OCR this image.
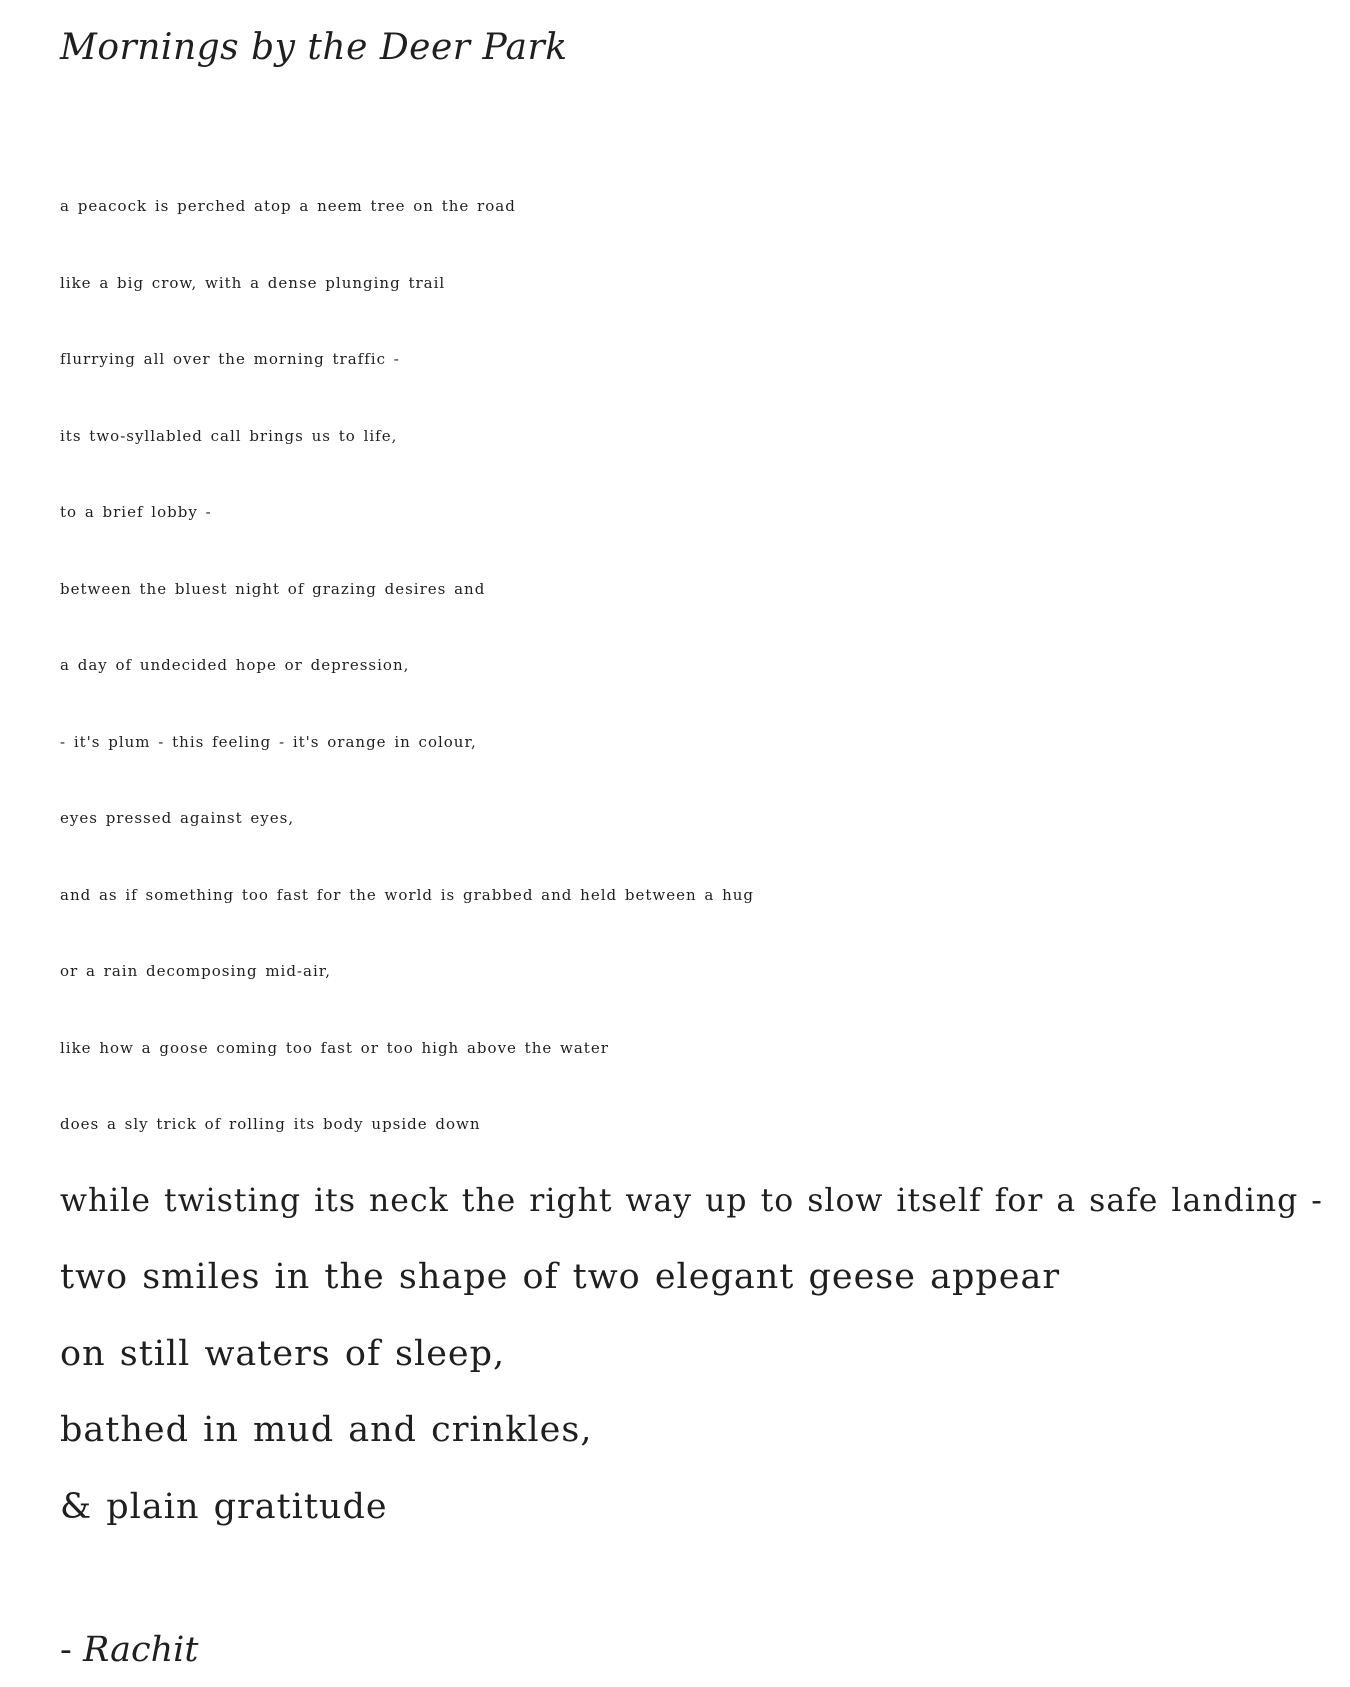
Mornings by the Deer Park
a peacock is perched atop a neem tree on the road
like a big crow, with a dense plunging trail
flurrying all over the morning traffic -
its two-syllabled call brings us to life,
to a brief lobby -
between the bluest night of grazing desires and
a day of undecided hope or depression,
- it's plum - this feeling - it's orange in colour,
eyes pressed against eyes,
and as if something too fast for the world is grabbed and held between a hug
or a rain decomposing mid-air,
like how a goose coming too fast or too high above the water
does a sly trick of rolling its body upside down
while twisting its neck the right way up to slow itself for a safe landing -
two smiles in the shape of two elegant geese appear
on still waters of sleep,
bathed in mud and crinkles,
& plain gratitude

- Rachit
